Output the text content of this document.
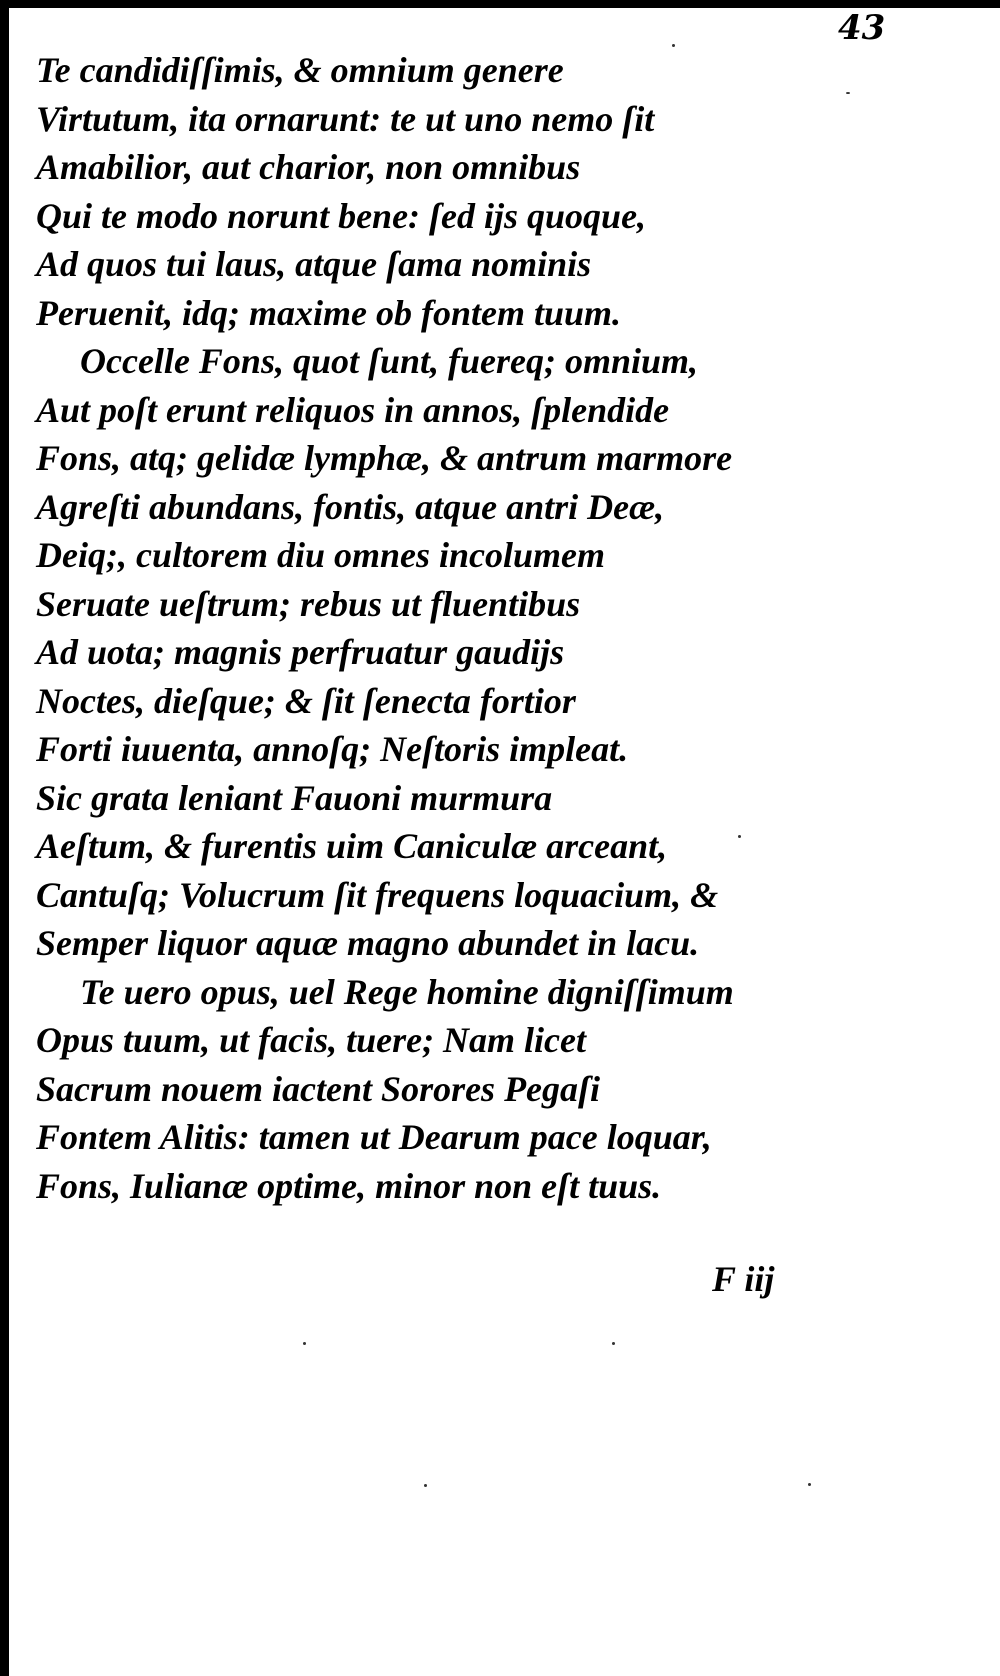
43
Te candidiſſimis, & omnium genere
Virtutum, ita ornarunt: te ut uno nemo ſit
Amabilior, aut charior, non omnibus
Qui te modo norunt bene: ſed ijs quoque,
Ad quos tui laus, atque ſama nominis
Peruenit, idq; maxime ob fontem tuum.
Occelle Fons, quot ſunt, fuereq; omnium,
Aut poſt erunt reliquos in annos, ſplendide
Fons, atq; gelidæ lymphæ, & antrum marmore
Agreſti abundans, fontis, atque antri Deæ,
Deiq;, cultorem diu omnes incolumem
Seruate ueſtrum; rebus ut fluentibus
Ad uota; magnis perfruatur gaudijs
Noctes, dieſque; & ſit ſenecta fortior
Forti iuuenta, annoſq; Neſtoris impleat.
Sic grata leniant Fauoni murmura
Aeſtum, & furentis uim Caniculæ arceant,
Cantuſq; Volucrum ſit frequens loquacium, &
Semper liquor aquæ magno abundet in lacu.
Te uero opus, uel Rege homine digniſſimum
Opus tuum, ut facis, tuere; Nam licet
Sacrum nouem iactent Sorores Pegaſi
Fontem Alitis: tamen ut Dearum pace loquar,
Fons, Iulianæ optime, minor non eſt tuus.
F iij
